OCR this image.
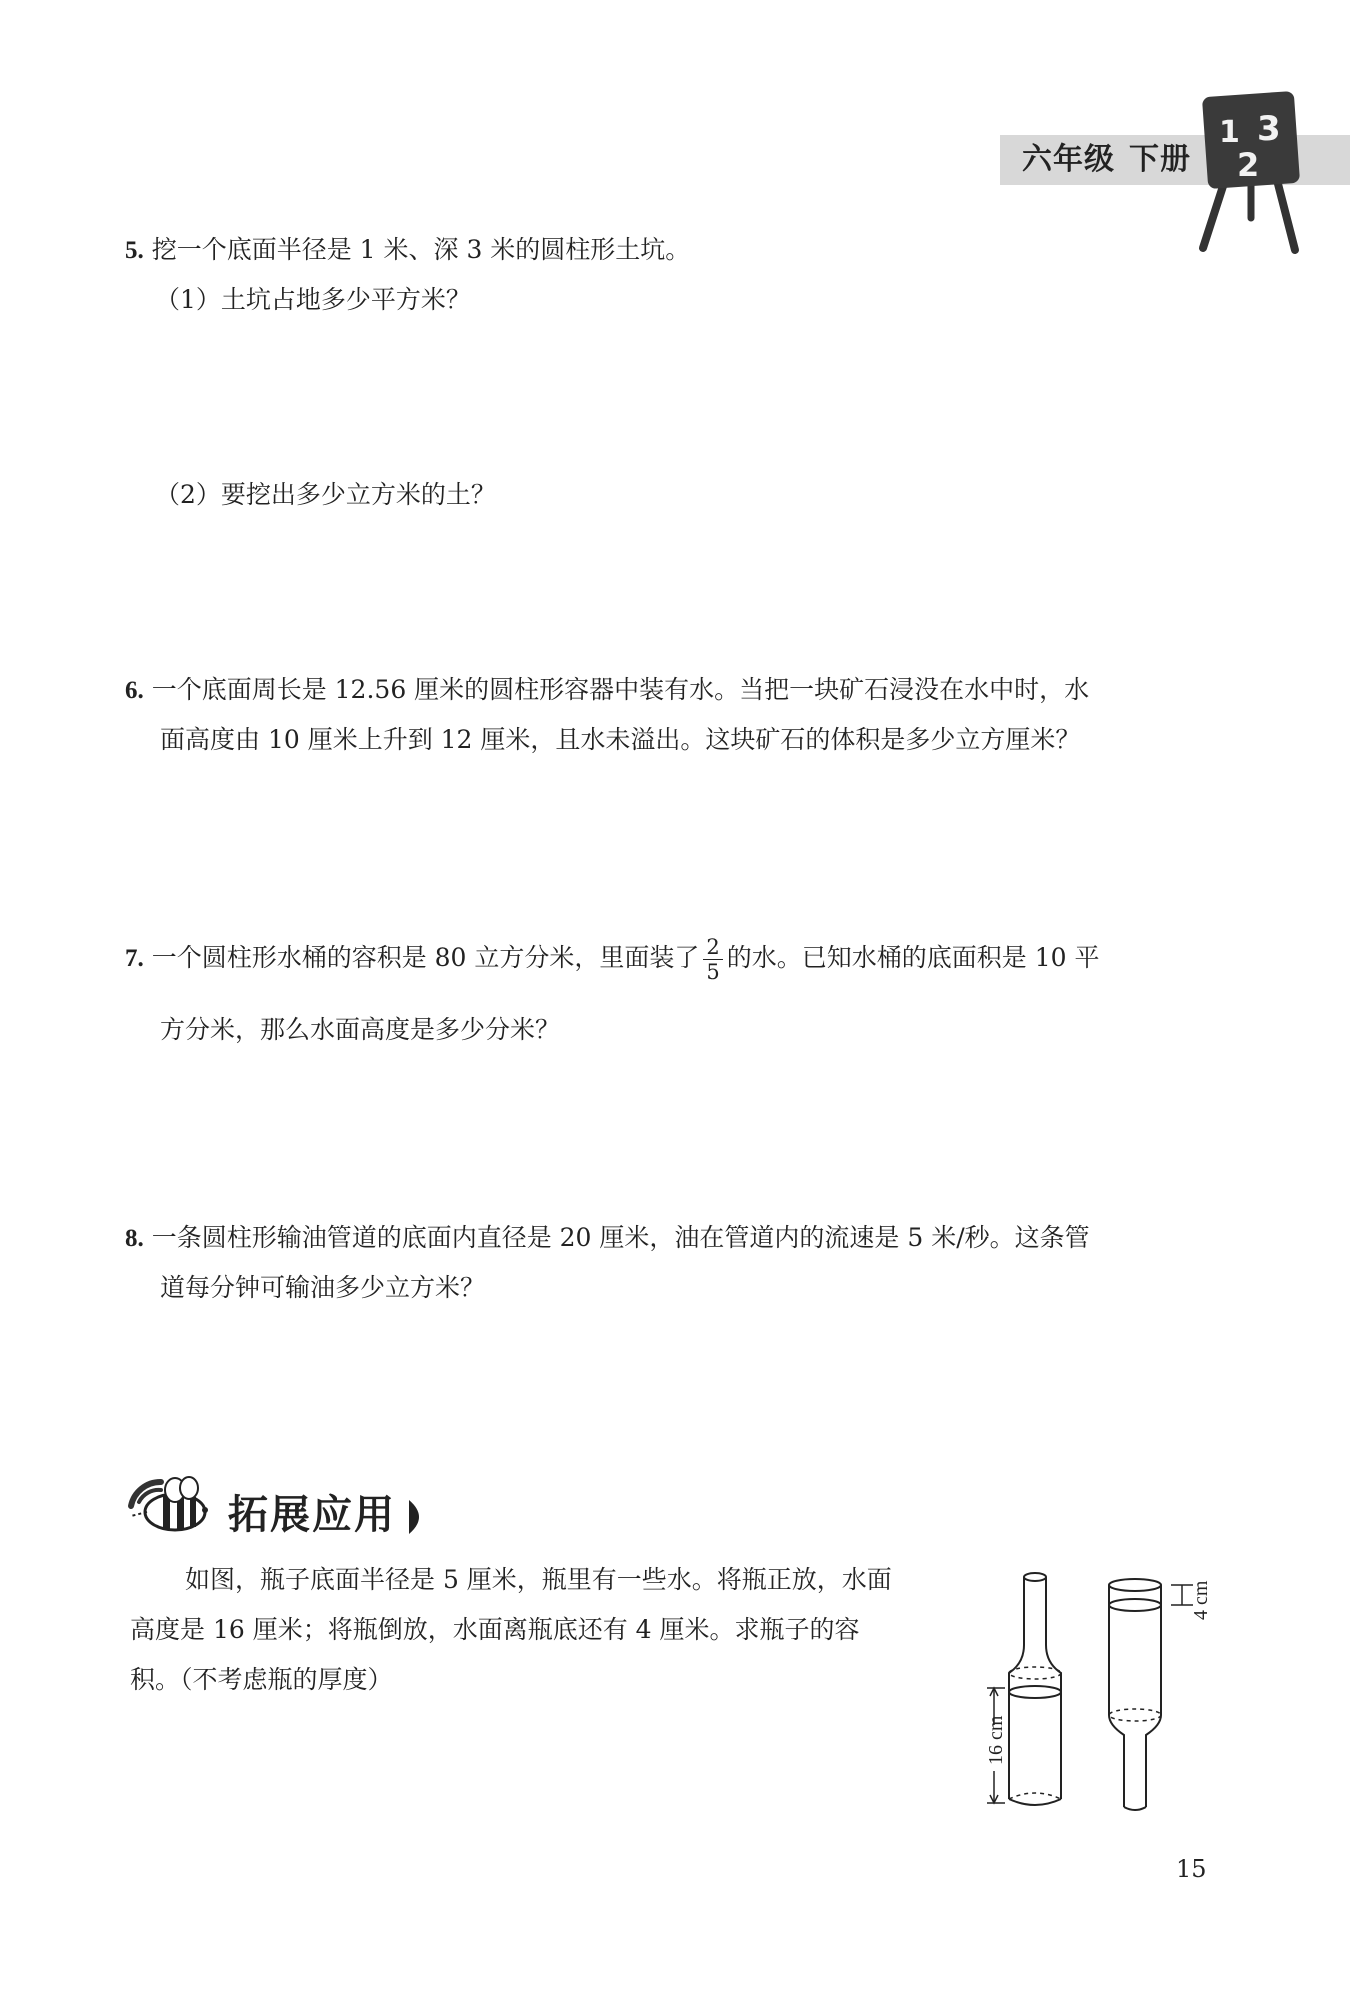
六年级 下册
1 3
2
5. 挖一个底面半径是 1 米、深 3 米的圆柱形土坑。
（1）土坑占地多少平方米？
（2）要挖出多少立方米的土？
6. 一个底面周长是 12.56 厘米的圆柱形容器中装有水。当把一块矿石浸没在水中时，水
面高度由 10 厘米上升到 12 厘米，且水未溢出。这块矿石的体积是多少立方厘米？
7. 一个圆柱形水桶的容积是 80 立方分米，里面装了 $\frac{2}{5}$ 的水。已知水桶的底面积是 10 平
方分米，那么水面高度是多少分米？
8. 一条圆柱形输油管道的底面内直径是 20 厘米，油在管道内的流速是 5 米/秒。这条管
道每分钟可输油多少立方米？
拓展应用
如图，瓶子底面半径是 5 厘米，瓶里有一些水。将瓶正放，水面
高度是 16 厘米；将瓶倒放，水面离瓶底还有 4 厘米。求瓶子的容
积。（不考虑瓶的厚度）
16 cm
4 cm
15
